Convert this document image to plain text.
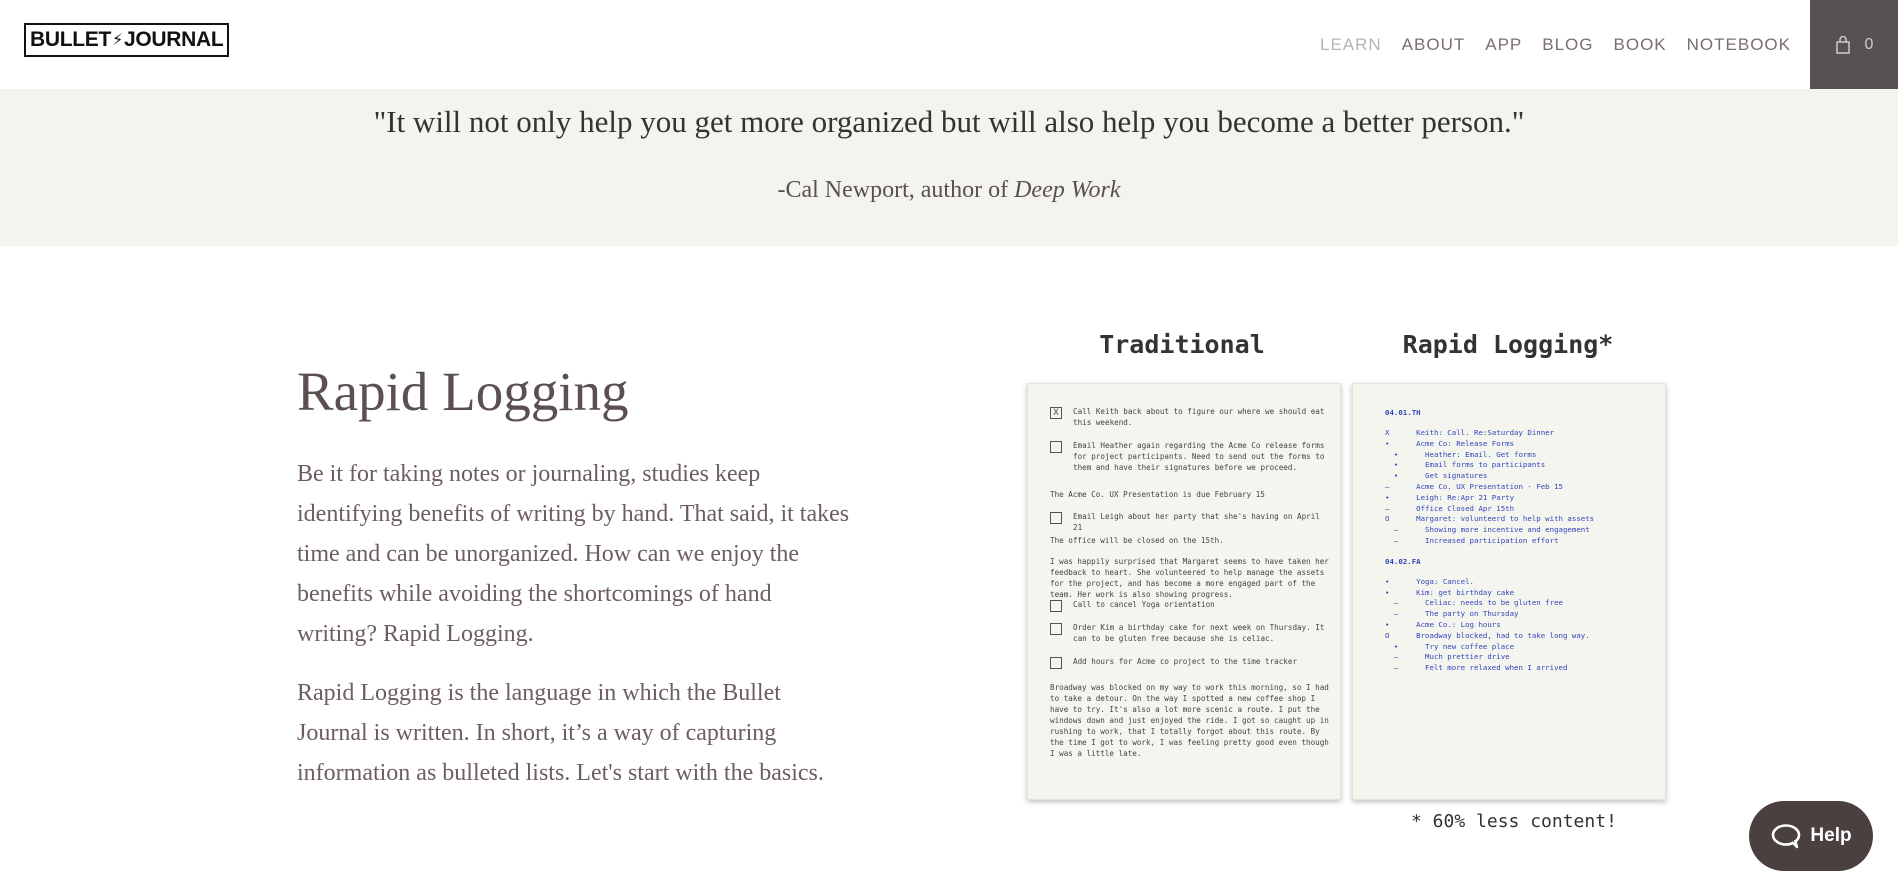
BULLET ⚡ JOURNAL	LEARN ABOUT APP BLOG BOOK NOTEBOOK	0
"It will not only help you get more organized but will also help you become a better person."
-Cal Newport, author of Deep Work
Rapid Logging

Be it for taking notes or journaling, studies keep identifying benefits of writing by hand. That said, it takes time and can be unorganized. How can we enjoy the benefits while avoiding the shortcomings of hand writing? Rapid Logging.

Rapid Logging is the language in which the Bullet Journal is written. In short, it’s a way of capturing information as bulleted lists. Let's start with the basics.

Traditional	Rapid Logging*
X	Call Keith back about to figure our where we should eat this weekend.
Email Heather again regarding the Acme Co release forms for project participants. Need to send out the forms to them and have their signatures before we proceed.
The Acme Co. UX Presentation is due February 15
Email Leigh about her party that she's having on April 21
The office will be closed on the 15th.
I was happily surprised that Margaret seems to have taken her feedback to heart. She volunteered to help manage the assets for the project, and has become a more engaged part of the team. Her work is also showing progress.
Call to cancel Yoga orientation
Order Kim a birthday cake for next week on Thursday. It can to be gluten free because she is celiac.
Add hours for Acme co project to the time tracker
Broadway was blocked on my way to work this morning, so I had to take a detour. On the way I spotted a new coffee shop I have to try. It's also a lot more scenic a route. I put the windows down and just enjoyed the ride. I got so caught up in rushing to work, that I totally forgot about this route. By the time I got to work, I was feeling pretty good even though I was a little late.
04.01.TH
X      Keith: Call. Re:Saturday Dinner
•      Acme Co: Release Forms
•      Heather: Email. Get forms
•      Email forms to participants
•      Get signatures
–      Acme Co. UX Presentation - Feb 15
•      Leigh: Re:Apr 21 Party
–      Office Closed Apr 15th
O      Margaret: volunteerd to help with assets
–      Showing more incentive and engagement
–      Increased participation effort
04.02.FA
•      Yoga: Cancel.
•      Kim: get birthday cake
–      Celiac: needs to be gluten free
–      The party on Thursday
•      Acme Co.: Log hours
O      Broadway blocked, had to take long way.
•      Try new coffee place
–      Much prettier drive
–      Felt more relaxed when I arrived
* 60% less content!
Help
